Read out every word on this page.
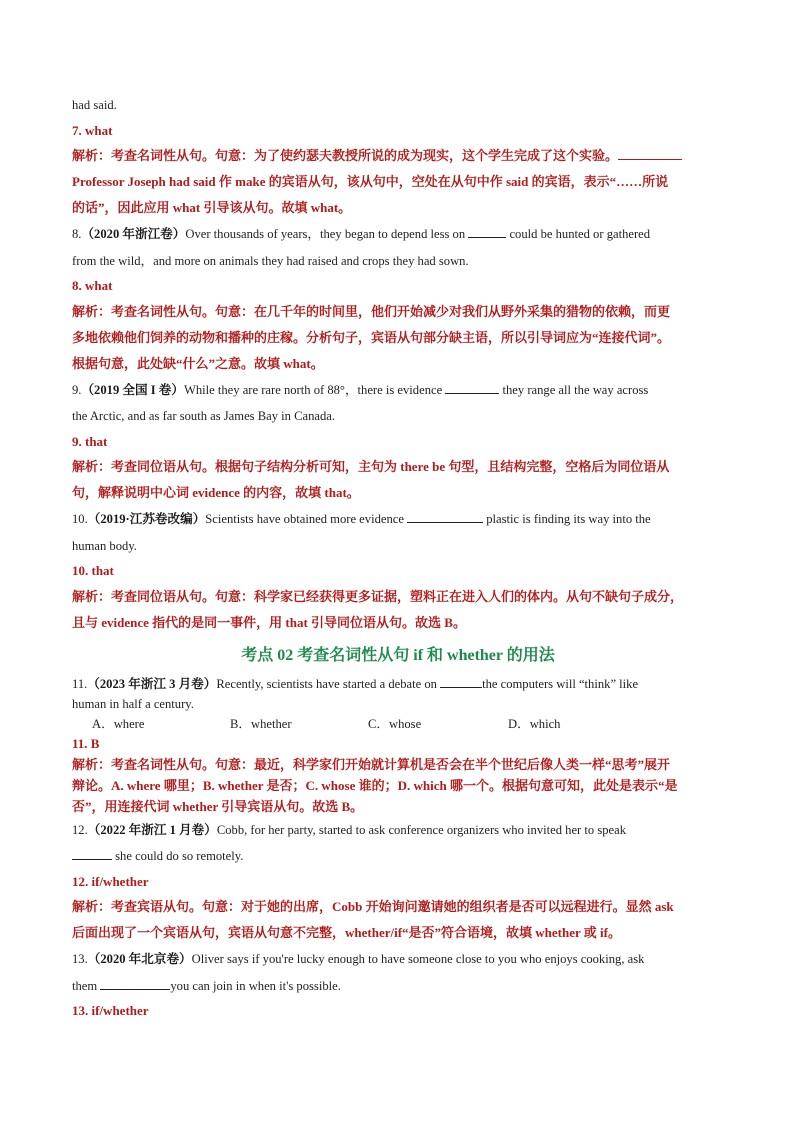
had said.
7. what

解析：考查名词性从句。句意：为了使约瑟夫教授所说的成为现实，这个学生完成了这个实验。

Professor Joseph had said 作 make 的宾语从句，该从句中，空处在从句中作 said 的宾语，表示“……所说

的话”，因此应用 what 引导该从句。故填 what。

8.（2020 年浙江卷）Over thousands of years，they began to depend less on	could be hunted or gathered
from the wild，and more on animals they had raised and crops they had sown.
8. what

解析：考查名词性从句。句意：在几千年的时间里，他们开始减少对我们从野外采集的猎物的依赖，而更

多地依赖他们饲养的动物和播种的庄稼。分析句子，宾语从句部分缺主语，所以引导词应为“连接代词”。

根据句意，此处缺“什么”之意。故填 what。

9.（2019 全国 I 卷）While they are rare north of 88°，there is evidence	they range all the way across
the Arctic, and as far south as James Bay in Canada.
9. that

解析：考查同位语从句。根据句子结构分析可知，主句为 there be 句型，且结构完整，空格后为同位语从

句，解释说明中心词 evidence 的内容，故填 that。

10.（2019·江苏卷改编）Scientists have obtained more evidence	plastic is finding its way into the
human body.
10. that

解析：考查同位语从句。句意：科学家已经获得更多证据，塑料正在进入人们的体内。从句不缺句子成分，

且与 evidence 指代的是同一事件，用 that 引导同位语从句。故选 B。

考点 02 考查名词性从句 if 和 whether 的用法
11.（2023 年浙江 3 月卷）Recently, scientists have started a debate on	the computers will “think” like
human in half a century.
A．where	B．whether	C．whose	D．which
11. B

解析：考查名词性从句。句意：最近，科学家们开始就计算机是否会在半个世纪后像人类一样“思考”展开

辩论。A. where 哪里；B. whether 是否；C. whose 谁的；D. which 哪一个。根据句意可知，此处是表示“是

否”，用连接代词 whether 引导宾语从句。故选 B。

12.（2022 年浙江 1 月卷）Cobb, for her party, started to ask conference organizers who invited her to speak
she could do so remotely.
12. if/whether

解析：考查宾语从句。句意：对于她的出席，Cobb 开始询问邀请她的组织者是否可以远程进行。显然 ask

后面出现了一个宾语从句，宾语从句意不完整，whether/if“是否”符合语境，故填 whether 或 if。

13.（2020 年北京卷）Oliver says if you're lucky enough to have someone close to you who enjoys cooking, ask
them	you can join in when it's possible.
13. if/whether
